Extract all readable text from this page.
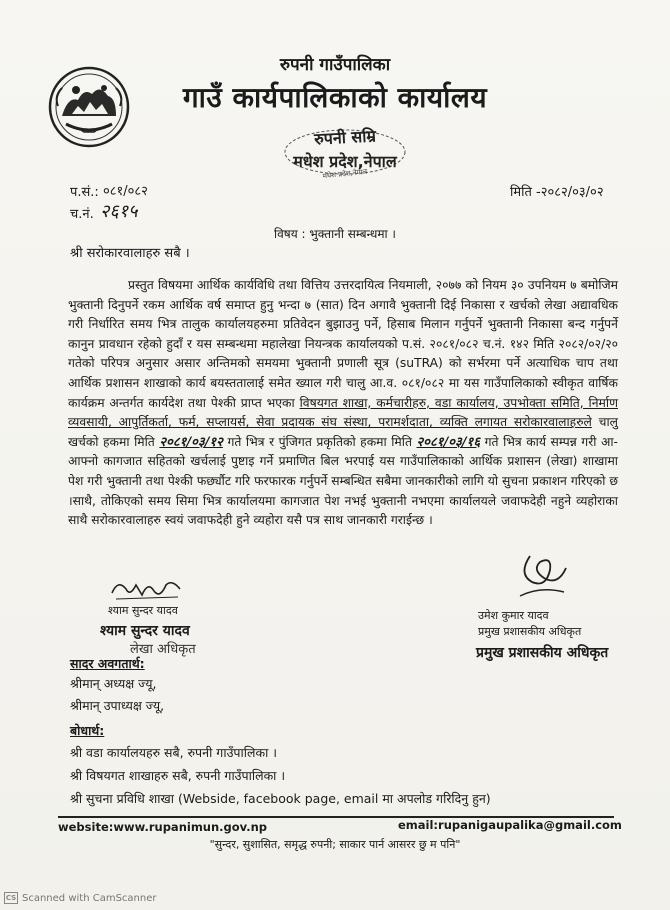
रुपनी गाउँपालिका
गाउँ कार्यपालिकाको कार्यालय
रुपनी सम्रि
मधेश प्रदेश,नेपाल
मधेश प्रदेश,नेपाल
प.सं.: ०८१/०८२
च.नं. २६१५
मिति -२०८२/०३/०२
विषय : भुक्तानी सम्बन्धमा ।
श्री सरोकारवालाहरु सबै ।

प्रस्तुत विषयमा आर्थिक कार्यविधि तथा वित्तिय उत्तरदायित्व नियमाली, २०७७ को नियम ३० उपनियम ७ बमोजिम भुक्तानी दिनुपर्ने रकम आर्थिक वर्ष समाप्त हुनु भन्दा ७ (सात) दिन अगावै भुक्तानी दिई निकासा र खर्चको लेखा अद्यावधिक गरी निर्धारित समय भित्र तालुक कार्यालयहरुमा प्रतिवेदन बुझाउनु पर्ने, हिसाब मिलान गर्नुपर्ने भुक्तानी निकासा बन्द गर्नुपर्ने कानुन प्रावधान रहेको हुदाँ र यस सम्बन्धमा महालेखा नियन्त्रक कार्यालयको प.सं. २०८१/०८२ च.नं. १४२ मिति २०८२/०२/२० गतेको परिपत्र अनुसार असार अन्तिमको समयमा भुक्तानी प्रणाली सूत्र (suTRA) को सर्भरमा पर्ने अत्याधिक चाप तथा आर्थिक प्रशासन शाखाको कार्य बयस्ततालाई समेत ख्याल गरी चालु आ.व. ०८१/०८२ मा यस गाउँपालिकाको स्वीकृत वार्षिक कार्यक्रम अन्तर्गत कार्यदेश तथा पेश्की प्राप्त भएका विषयगत शाखा, कर्मचारीहरु, वडा कार्यालय, उपभोक्ता समिति, निर्माण व्यवसायी, आपुर्तिकर्ता, फर्म, सप्लायर्स, सेवा प्रदायक संघ संस्था, परामर्शदाता, व्यक्ति लगायत सरोकारवालाहरुले चालु खर्चको हकमा मिति २०८१/०३/१२ गते भित्र र पुंजिगत प्रकृतिको हकमा मिति २०८१/०३/१६ गते भित्र कार्य सम्पन्न गरी आ-आफ्नो कागजात सहितको खर्चलाई पुष्टाइ गर्ने प्रमाणित बिल भरपाई यस गाउँपालिकाको आर्थिक प्रशासन (लेखा) शाखामा पेश गरी भुक्तानी तथा पेश्की फर्छ्यौट गरि फरफारक गर्नुपर्ने सम्बन्धित सबैमा जानकारीको लागि यो सुचना प्रकाशन गरिएको छ ।साथै, तोकिएको समय सिमा भित्र कार्यालयमा कागजात पेश नभई भुक्तानी नभएमा कार्यालयले जवाफदेही नहुने व्यहोराका साथै सरोकारवालाहरु स्वयं जवाफदेही हुने व्यहोरा यसै पत्र साथ जानकारी गराईन्छ ।

श्याम सुन्दर यादव
श्याम सुन्दर यादव
लेखा अधिकृत
उमेश कुमार यादव
प्रमुख प्रशासकीय अधिकृत
प्रमुख प्रशासकीय अधिकृत
सादर अवगतार्थ:
श्रीमान् अध्यक्ष ज्यू,
श्रीमान् उपाध्यक्ष ज्यू,
बोधार्थ:
श्री वडा कार्यालयहरु सबै, रुपनी गाउँपालिका ।
श्री विषयगत शाखाहरु सबै, रुपनी गाउँपालिका ।
श्री सुचना प्रविधि शाखा (Webside, facebook page, email मा अपलोड गरिदिनु हुन)
website:www.rupanimun.gov.np	email:rupanigaupalika@gmail.com
"सुन्दर, सुशासित, समृद्ध रुपनी; साकार पार्न आसरर छु म पनि"
CS Scanned with CamScanner
